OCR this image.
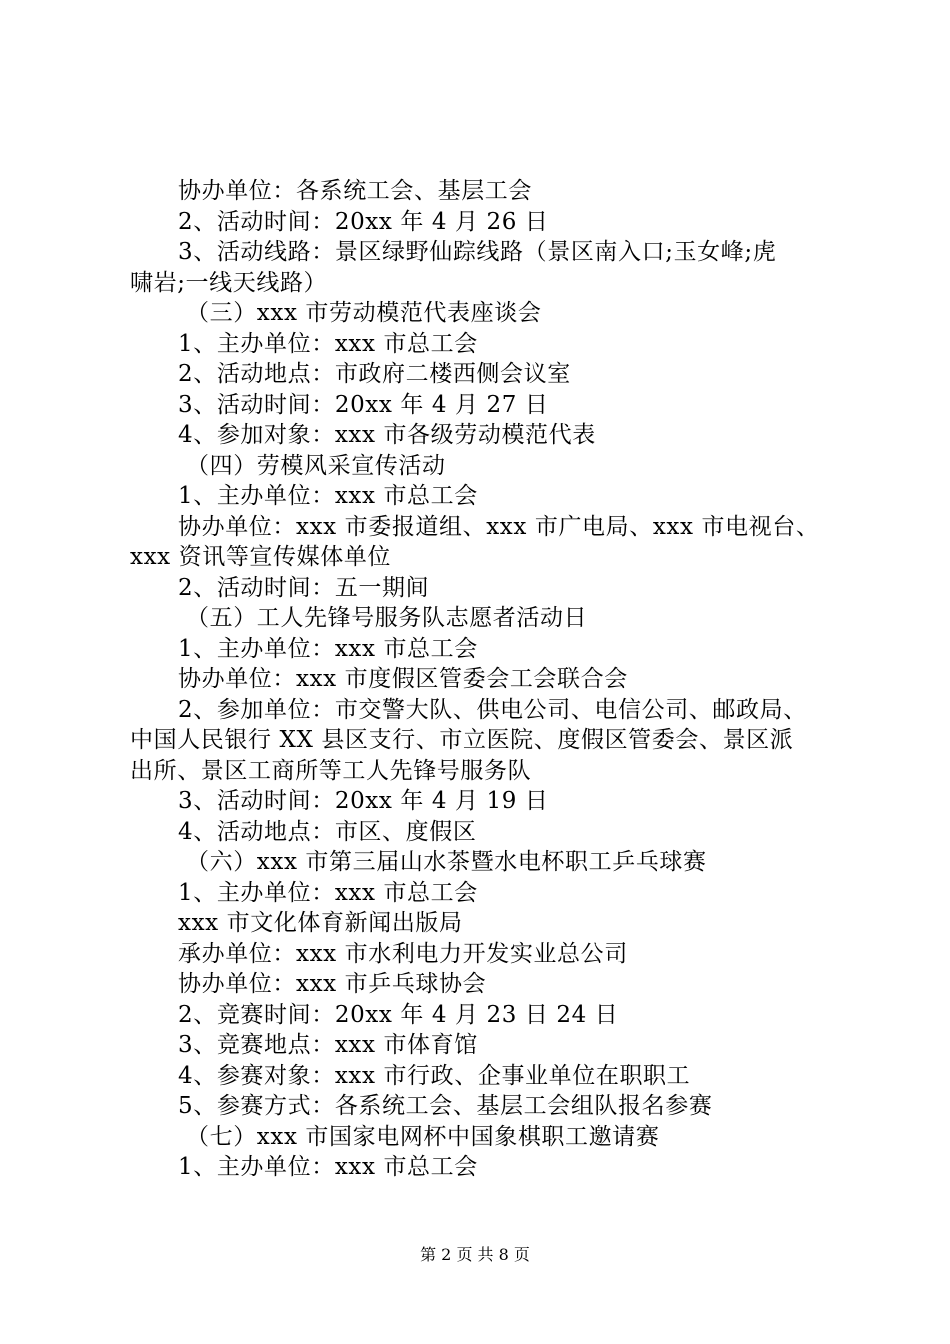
协办单位：各系统工会、基层工会
2、活动时间：20xx 年 4 月 26 日
3、活动线路：景区绿野仙踪线路（景区南入口;玉女峰;虎
啸岩;一线天线路）
（三）xxx 市劳动模范代表座谈会
1、主办单位：xxx 市总工会
2、活动地点：市政府二楼西侧会议室
3、活动时间：20xx 年 4 月 27 日
4、参加对象：xxx 市各级劳动模范代表
（四）劳模风采宣传活动
1、主办单位：xxx 市总工会
协办单位：xxx 市委报道组、xxx 市广电局、xxx 市电视台、
xxx 资讯等宣传媒体单位
2、活动时间：五一期间
（五）工人先锋号服务队志愿者活动日
1、主办单位：xxx 市总工会
协办单位：xxx 市度假区管委会工会联合会
2、参加单位：市交警大队、供电公司、电信公司、邮政局、
中国人民银行 XX 县区支行、市立医院、度假区管委会、景区派
出所、景区工商所等工人先锋号服务队
3、活动时间：20xx 年 4 月 19 日
4、活动地点：市区、度假区
（六）xxx 市第三届山水茶暨水电杯职工乒乓球赛
1、主办单位：xxx 市总工会
xxx 市文化体育新闻出版局
承办单位：xxx 市水利电力开发实业总公司
协办单位：xxx 市乒乓球协会
2、竞赛时间：20xx 年 4 月 23 日 24 日
3、竞赛地点：xxx 市体育馆
4、参赛对象：xxx 市行政、企事业单位在职职工
5、参赛方式：各系统工会、基层工会组队报名参赛
（七）xxx 市国家电网杯中国象棋职工邀请赛
1、主办单位：xxx 市总工会
第 2 页 共 8 页
